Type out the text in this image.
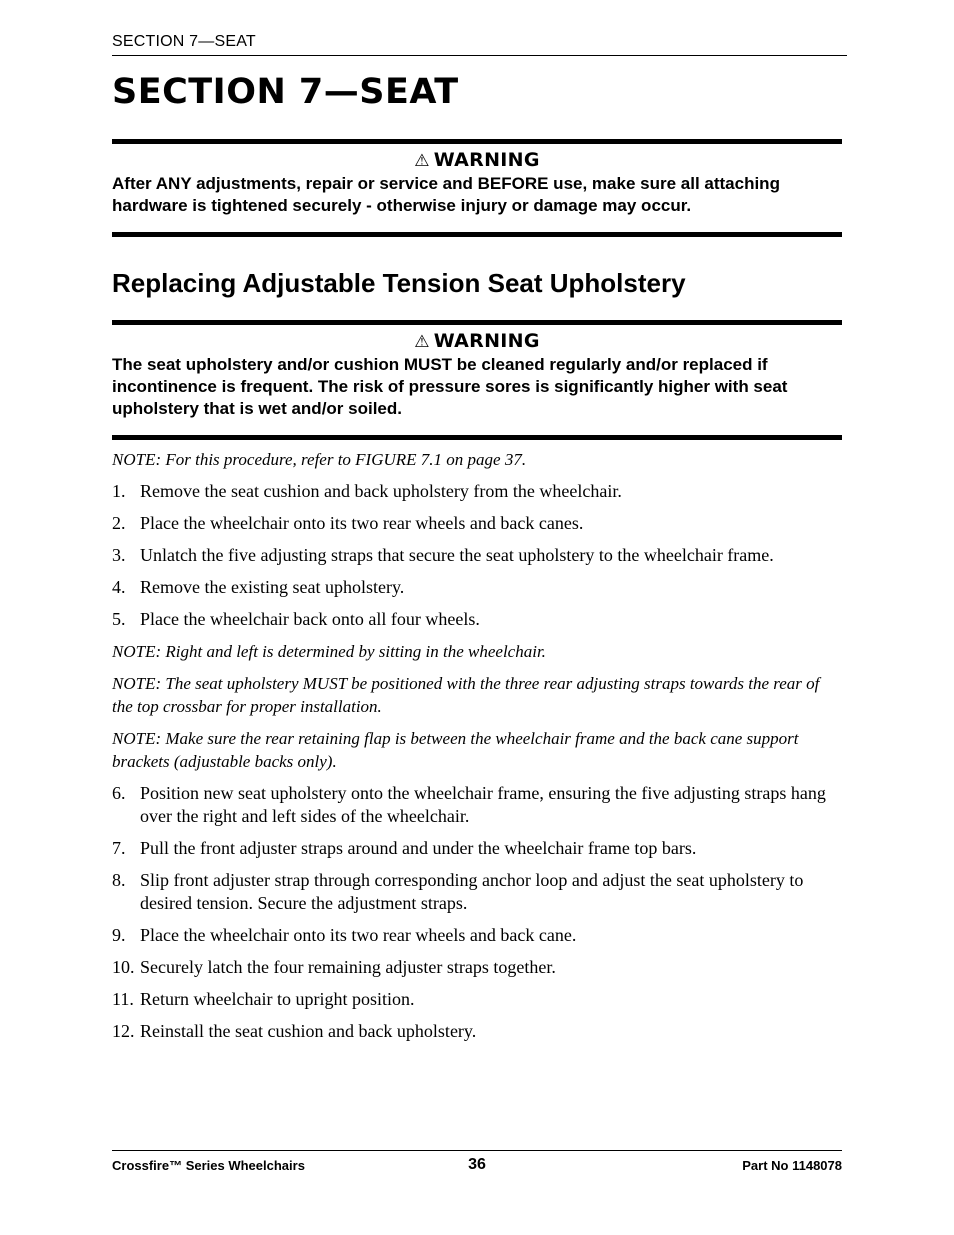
SECTION 7—SEAT
SECTION 7—SEAT
⚠ WARNING

After ANY adjustments, repair or service and BEFORE use, make sure all attaching hardware is tightened securely - otherwise injury or damage may occur.

Replacing Adjustable Tension Seat Upholstery
⚠ WARNING

The seat upholstery and/or cushion MUST be cleaned regularly and/or replaced if incontinence is frequent. The risk of pressure sores is significantly higher with seat upholstery that is wet and/or soiled.

NOTE: For this procedure, refer to FIGURE 7.1 on page 37.

1. Remove the seat cushion and back upholstery from the wheelchair.
2. Place the wheelchair onto its two rear wheels and back canes.
3. Unlatch the five adjusting straps that secure the seat upholstery to the wheelchair frame.
4. Remove the existing seat upholstery.
5. Place the wheelchair back onto all four wheels.

NOTE: Right and left is determined by sitting in the wheelchair.

NOTE: The seat upholstery MUST be positioned with the three rear adjusting straps towards the rear of the top crossbar for proper installation.

NOTE: Make sure the rear retaining flap is between the wheelchair frame and the back cane support brackets (adjustable backs only).

6. Position new seat upholstery onto the wheelchair frame, ensuring the five adjusting straps hang over the right and left sides of the wheelchair.
7. Pull the front adjuster straps around and under the wheelchair frame top bars.
8. Slip front adjuster strap through corresponding anchor loop and adjust the seat upholstery to desired tension. Secure the adjustment straps.
9. Place the wheelchair onto its two rear wheels and back cane.
10. Securely latch the four remaining adjuster straps together.
11. Return wheelchair to upright position.
12. Reinstall the seat cushion and back upholstery.
Crossfire™ Series Wheelchairs	36	Part No 1148078
